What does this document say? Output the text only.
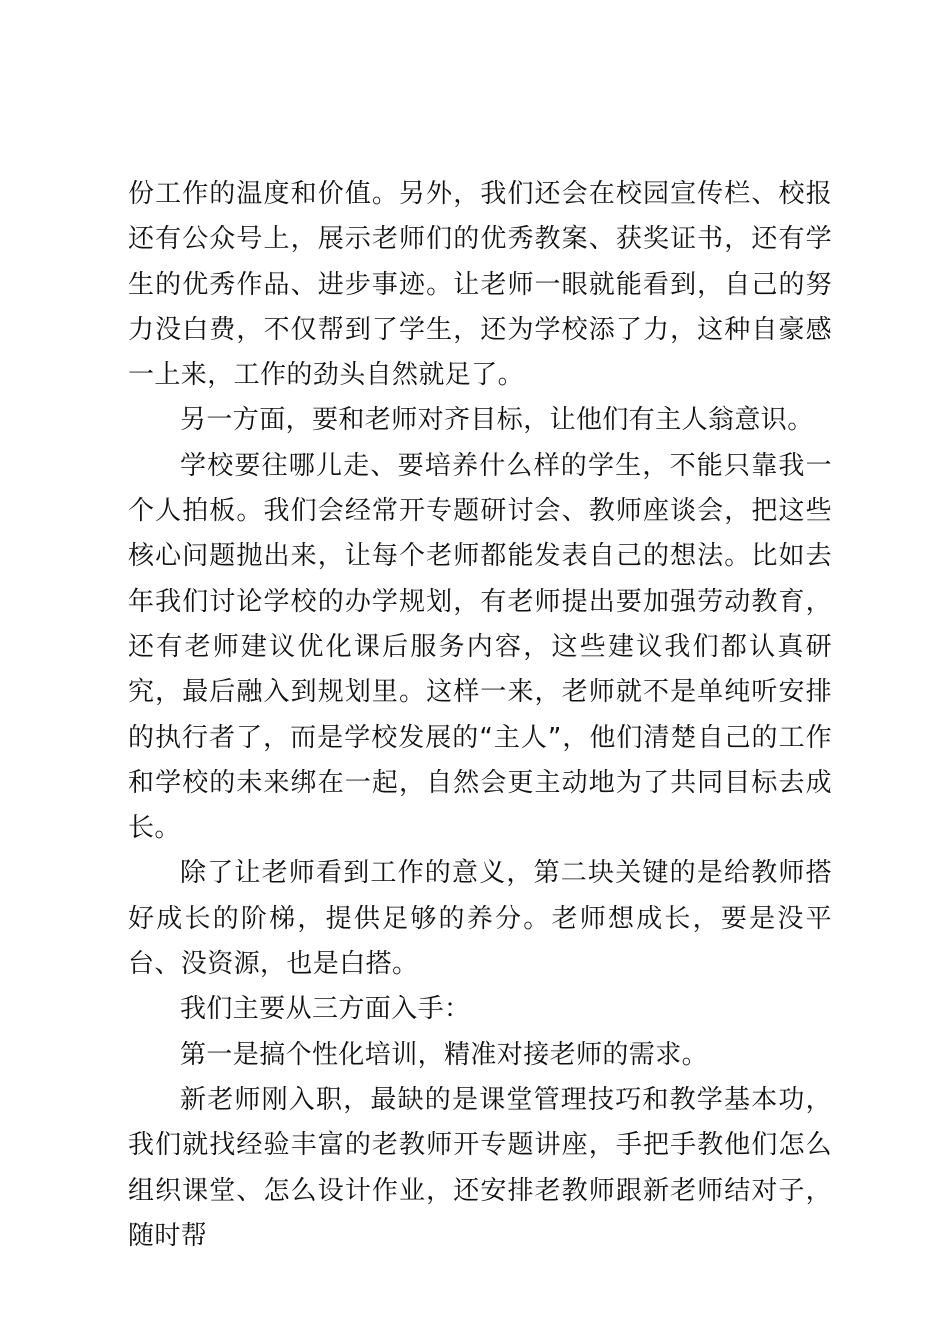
份工作的温度和价值。另外，我们还会在校园宣传栏、校报还有公众号上，展示老师们的优秀教案、获奖证书，还有学生的优秀作品、进步事迹。让老师一眼就能看到，自己的努力没白费，不仅帮到了学生，还为学校添了力，这种自豪感一上来，工作的劲头自然就足了。

另一方面，要和老师对齐目标，让他们有主人翁意识。

学校要往哪儿走、要培养什么样的学生，不能只靠我一个人拍板。我们会经常开专题研讨会、教师座谈会，把这些核心问题抛出来，让每个老师都能发表自己的想法。比如去年我们讨论学校的办学规划，有老师提出要加强劳动教育，还有老师建议优化课后服务内容，这些建议我们都认真研究，最后融入到规划里。这样一来，老师就不是单纯听安排的执行者了，而是学校发展的“主人”，他们清楚自己的工作和学校的未来绑在一起，自然会更主动地为了共同目标去成长。

除了让老师看到工作的意义，第二块关键的是给教师搭好成长的阶梯，提供足够的养分。老师想成长，要是没平台、没资源，也是白搭。

我们主要从三方面入手：

第一是搞个性化培训，精准对接老师的需求。

新老师刚入职，最缺的是课堂管理技巧和教学基本功，我们就找经验丰富的老教师开专题讲座，手把手教他们怎么组织课堂、怎么设计作业，还安排老教师跟新老师结对子，随时帮
